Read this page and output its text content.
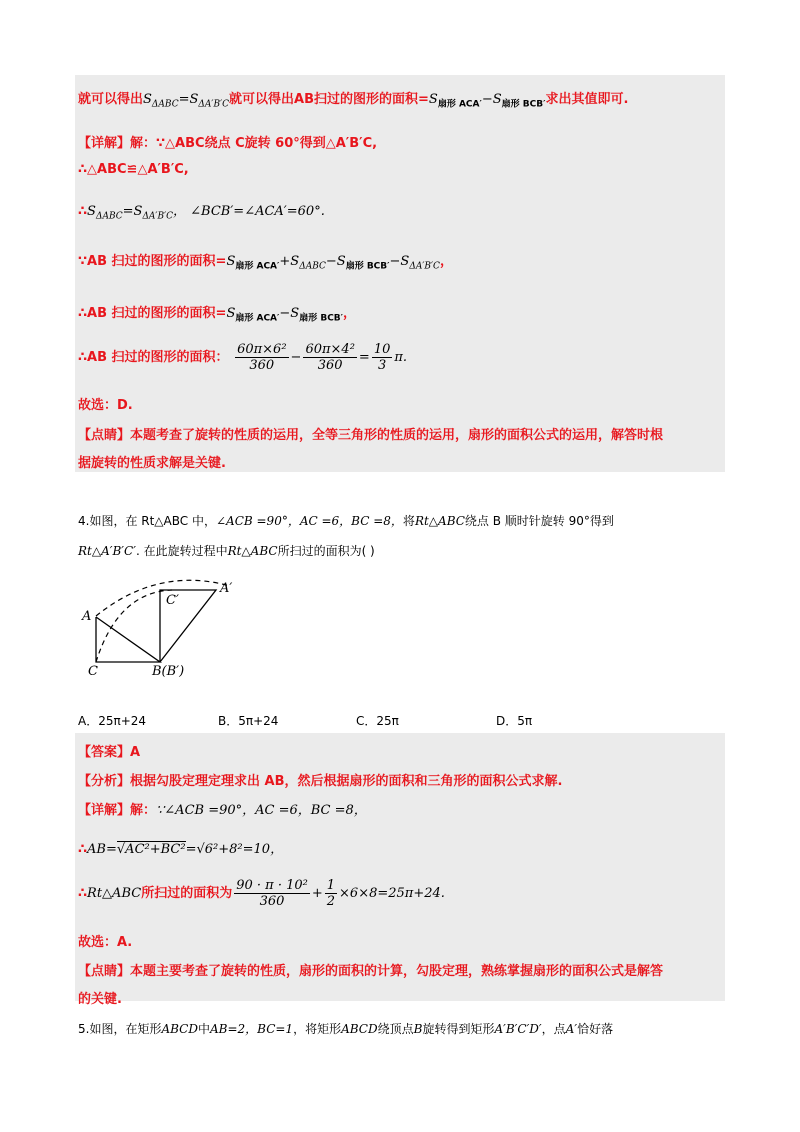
就可以得出$S_{\Delta ABC}=S_{\Delta A'B'C}$就可以得出AB扫过的图形的面积$=S_{扇形 ACA'}-S_{扇形 BCB'}$求出其值即可.
【详解】解：∵△ABC绕点 C旋转 60°得到△A′B′C,
∴△ABC≌△A′B′C,
$\therefore S_{\Delta ABC}=S_{\Delta A'B'C}$， ∠BCB′=∠ACA′=60°.
∵AB 扫过的图形的面积$=S_{扇形 ACA'}+S_{\Delta ABC}-S_{扇形 BCB'}-S_{\Delta A'B'C}$，
∴AB 扫过的图形的面积$=S_{扇形 ACA'}-S_{扇形 BCB'}$，
∴AB 扫过的图形的面积： $\frac{\text{60π×6²}}{360} - \frac{\text{60π×4²}}{360} = \frac{10}{3} \pi$.
故选：D.
【点睛】本题考查了旋转的性质的运用，全等三角形的性质的运用，扇形的面积公式的运用，解答时根
据旋转的性质求解是关键.
4.如图，在 Rt△ABC 中，∠ACB =90°，AC =6，BC =8，将Rt△ABC绕点 B 顺时针旋转 90°得到
Rt△A′B′C′. 在此旋转过程中Rt△ABC所扫过的面积为( )
A
C′
A′
C	B(B′)
A．25π+24	B．5π+24	C．25π	D．5π
【答案】A
【分析】根据勾股定理定理求出 AB，然后根据扇形的面积和三角形的面积公式求解.
【详解】解：∵∠ACB =90°，AC =6，BC =8，
∴AB=√AC²+BC²=√6²+8²=10，
∴Rt△ABC所扫过的面积为 $\frac{\text{90 · π · 10²}}{360} + \frac{1}{2} \times 6\times 8=25\pi+24$.
故选：A.
【点睛】本题主要考查了旋转的性质，扇形的面积的计算，勾股定理，熟练掌握扇形的面积公式是解答
的关键.
5.如图，在矩形ABCD中AB=2，BC=1，将矩形ABCD绕顶点B旋转得到矩形A′B′C′D′，点A′恰好落
